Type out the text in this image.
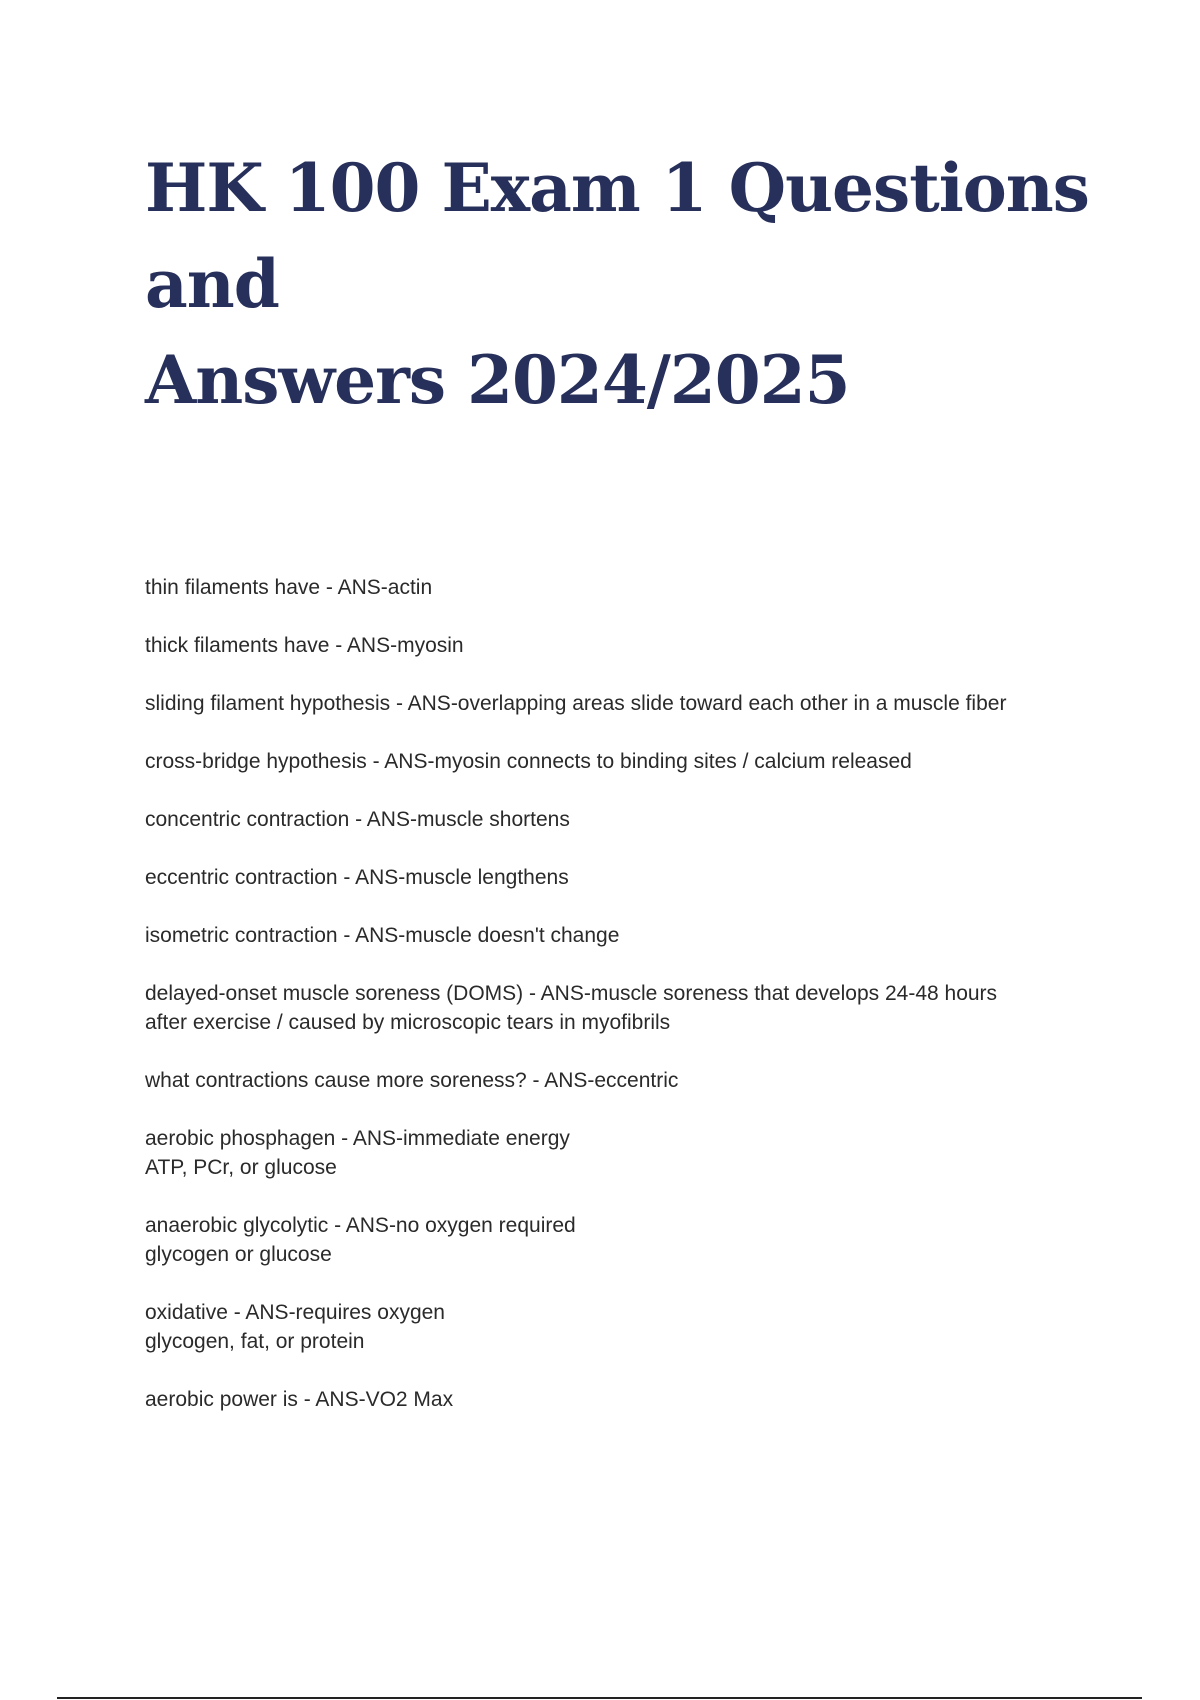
HK 100 Exam 1 Questions and
Answers 2024/2025
thin filaments have - ANS-actin
thick filaments have - ANS-myosin
sliding filament hypothesis - ANS-overlapping areas slide toward each other in a muscle fiber
cross-bridge hypothesis - ANS-myosin connects to binding sites / calcium released
concentric contraction - ANS-muscle shortens
eccentric contraction - ANS-muscle lengthens
isometric contraction - ANS-muscle doesn't change
delayed-onset muscle soreness (DOMS) - ANS-muscle soreness that develops 24-48 hours
after exercise / caused by microscopic tears in myofibrils
what contractions cause more soreness? - ANS-eccentric
aerobic phosphagen - ANS-immediate energy
ATP, PCr, or glucose
anaerobic glycolytic - ANS-no oxygen required
glycogen or glucose
oxidative - ANS-requires oxygen
glycogen, fat, or protein
aerobic power is - ANS-VO2 Max
